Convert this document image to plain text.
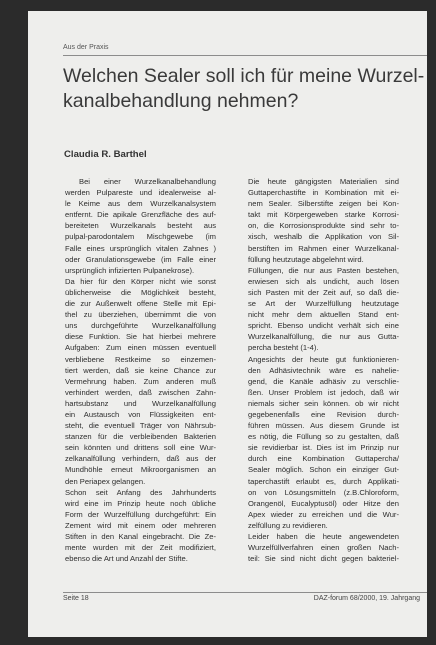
Aus der Praxis
Welchen Sealer soll ich für meine Wurzel-
kanalbehandlung nehmen?
Claudia R. Barthel
Bei einer Wurzelkanalbehandlung
werden Pulpareste und idealerweise al-
le Keime aus dem Wurzelkanalsystem
entfernt. Die apikale Grenzfläche des auf-
bereiteten Wurzelkanals besteht aus
pulpal-parodontalem Mischgewebe (im
Falle eines ursprünglich vitalen Zahnes )
oder Granulationsgewebe (im Falle einer
ursprünglich infizierten Pulpanekrose).
Da hier für den Körper nicht wie sonst
üblicherweise die Möglichkeit besteht,
die zur Außenwelt offene Stelle mit Epi-
thel zu überziehen, übernimmt die von
uns durchgeführte Wurzelkanalfüllung
diese Funktion. Sie hat hierbei mehrere
Aufgaben: Zum einen müssen eventuell
verbliebene Restkeime so einzemen-
tiert werden, daß sie keine Chance zur
Vermehrung haben. Zum anderen muß
verhindert werden, daß zwischen Zahn-
hartsubstanz und Wurzelkanalfüllung
ein Austausch von Flüssigkeiten ent-
steht, die eventuell Träger von Nährsub-
stanzen für die verbleibenden Bakterien
sein könnten und drittens soll eine Wur-
zelkanalfüllung verhindern, daß aus der
Mundhöhle erneut Mikroorganismen an
den Periapex gelangen.
Schon seit Anfang des Jahrhunderts
wird eine im Prinzip heute noch übliche
Form der Wurzelfüllung durchgeführt: Ein
Zement wird mit einem oder mehreren
Stiften in den Kanal eingebracht. Die Ze-
mente wurden mit der Zeit modifiziert,
ebenso die Art und Anzahl der Stifte.
Die heute gängigsten Materialien sind
Guttaperchastifte in Kombination mit ei-
nem Sealer. Silberstifte zeigen bei Kon-
takt mit Körpergeweben starke Korrosi-
on, die Korrosionsprodukte sind sehr to-
xisch, weshalb die Applikation von Sil-
berstiften im Rahmen einer Wurzelkanal-
füllung heutzutage abgelehnt wird.
Füllungen, die nur aus Pasten bestehen,
erwiesen sich als undicht, auch lösen
sich Pasten mit der Zeit auf, so daß die-
se Art der Wurzelfüllung heutzutage
nicht mehr dem aktuellen Stand ent-
spricht. Ebenso undicht verhält sich eine
Wurzelkanalfüllung, die nur aus Gutta-
percha besteht (1-4).
Angesichts der heute gut funktionieren-
den Adhäsivtechnik wäre es nahelie-
gend, die Kanäle adhäsiv zu verschlie-
ßen. Unser Problem ist jedoch, daß wir
niemals sicher sein können. ob wir nicht
gegebenenfalls eine Revision durch-
führen müssen. Aus diesem Grunde ist
es nötig, die Füllung so zu gestalten, daß
sie revidierbar ist. Dies ist im Prinzip nur
durch eine Kombination Guttapercha/
Sealer möglich. Schon ein einziger Gut-
taperchastift erlaubt es, durch Applikati-
on von Lösungsmitteln (z.B.Chloroform,
Orangenöl, Eucalyptusöl) oder Hitze den
Apex wieder zu erreichen und die Wur-
zelfüllung zu revidieren.
Leider haben die heute angewendeten
Wurzelfüllverfahren einen großen Nach-
teil: Sie sind nicht dicht gegen bakteriel-
Seite 18	DAZ-forum 68/2000, 19. Jahrgang
